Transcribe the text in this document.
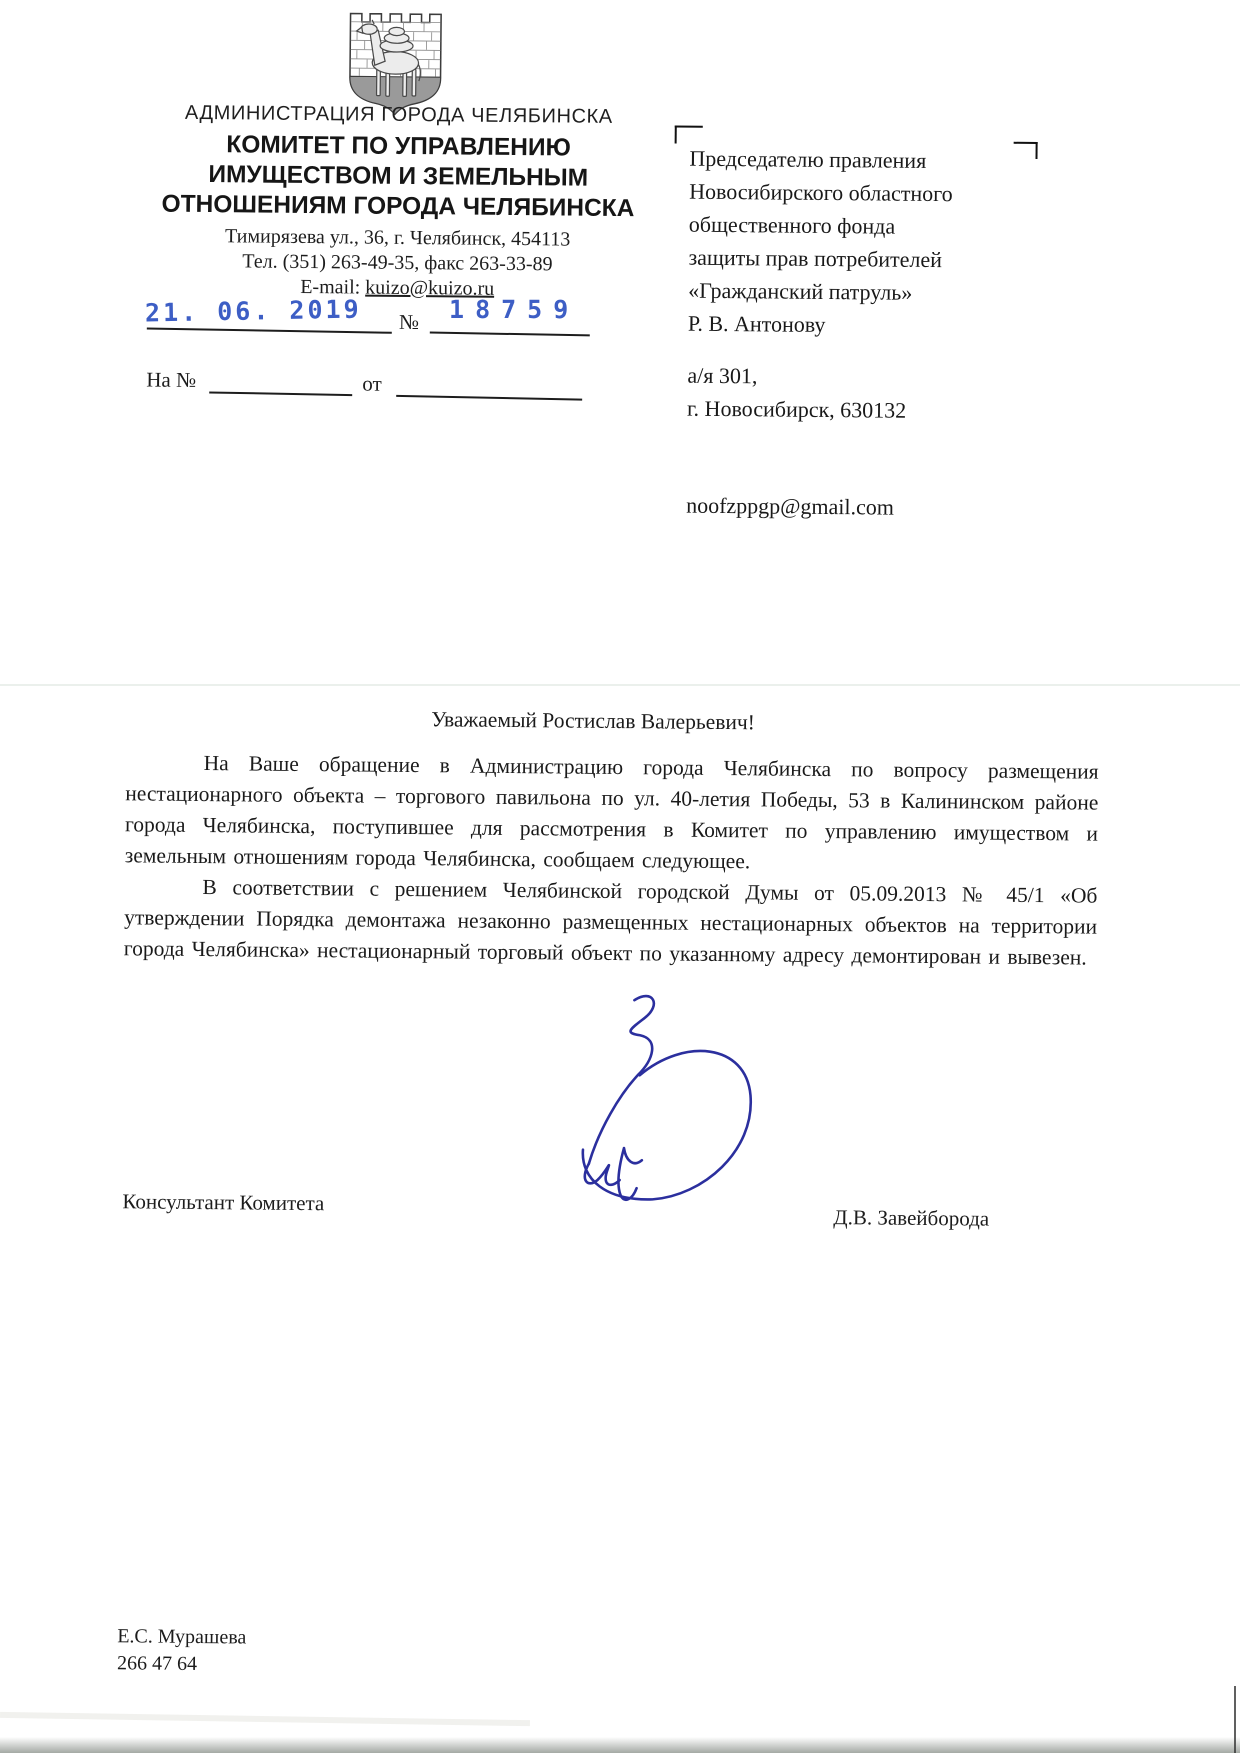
АДМИНИСТРАЦИЯ ГОРОДА ЧЕЛЯБИНСКА
КОМИТЕТ ПО УПРАВЛЕНИЮ
ИМУЩЕСТВОМ И ЗЕМЕЛЬНЫМ
ОТНОШЕНИЯМ ГОРОДА ЧЕЛЯБИНСКА
Тимирязева ул., 36, г. Челябинск, 454113
Тел. (351) 263-49-35, факс 263-33-89
E-mail: kuizo@kuizo.ru
21. 06. 2019 № 18759
На №	от
Председателю правления
Новосибирского областного
общественного фонда
защиты прав потребителей
«Гражданский патруль»
Р. В. Антонову
а/я 301,
г. Новосибирск, 630132
noofzppgp@gmail.com
Уважаемый Ростислав Валерьевич!

На Ваше обращение в Администрацию города Челябинска по вопросу размещения нестационарного объекта – торгового павильона по ул. 40-летия Победы, 53 в Калининском районе города Челябинска, поступившее для рассмотрения в Комитет по управлению имуществом и земельным отношениям города Челябинска, сообщаем следующее.

В соответствии с решением Челябинской городской Думы от 05.09.2013 № 45/1 «Об утверждении Порядка демонтажа незаконно размещенных нестационарных объектов на территории города Челябинска» нестационарный торговый объект по указанному адресу демонтирован и вывезен.

Консультант Комитета
Д.В. Завейборода
Е.С. Мурашева
266 47 64
